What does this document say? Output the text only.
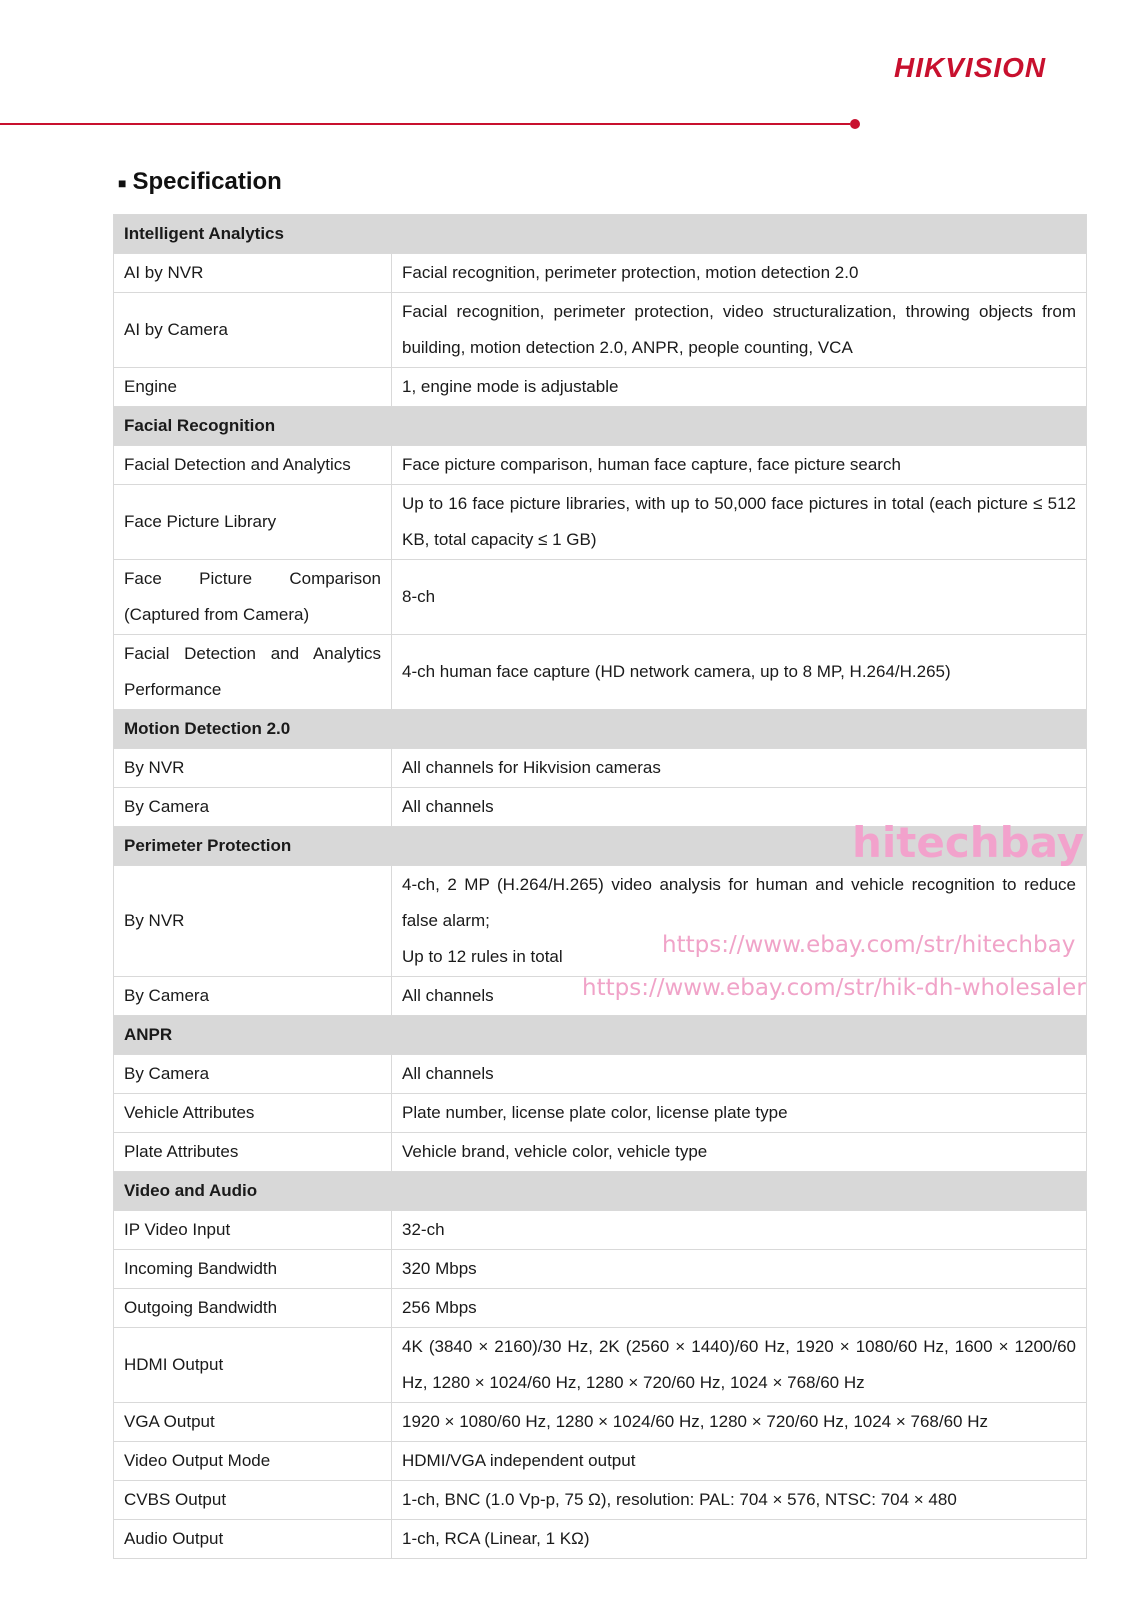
HIKVISION
■ Specification
Intelligent Analytics	
AI by NVR	Facial recognition, perimeter protection, motion detection 2.0
AI by Camera	Facial recognition, perimeter protection, video structuralization, throwing objects from building, motion detection 2.0, ANPR, people counting, VCA
Engine	1, engine mode is adjustable
Facial Recognition	
Facial Detection and Analytics	Face picture comparison, human face capture, face picture search
Face Picture Library	Up to 16 face picture libraries, with up to 50,000 face pictures in total (each picture ≤ 512 KB, total capacity ≤ 1 GB)
Face Picture Comparison (Captured from Camera)	8-ch
Facial Detection and Analytics Performance	4-ch human face capture (HD network camera, up to 8 MP, H.264/H.265)
Motion Detection 2.0	
By NVR	All channels for Hikvision cameras
By Camera	All channels
Perimeter Protection	
By NVR	4-ch, 2 MP (H.264/H.265) video analysis for human and vehicle recognition to reduce false alarm;
Up to 12 rules in total

By Camera	All channels
ANPR	
By Camera	All channels
Vehicle Attributes	Plate number, license plate color, license plate type
Plate Attributes	Vehicle brand, vehicle color, vehicle type
Video and Audio	
IP Video Input	32-ch
Incoming Bandwidth	320 Mbps
Outgoing Bandwidth	256 Mbps
HDMI Output	4K (3840 × 2160)/30 Hz, 2K (2560 × 1440)/60 Hz, 1920 × 1080/60 Hz, 1600 × 1200/60 Hz, 1280 × 1024/60 Hz, 1280 × 720/60 Hz, 1024 × 768/60 Hz
VGA Output	1920 × 1080/60 Hz, 1280 × 1024/60 Hz, 1280 × 720/60 Hz, 1024 × 768/60 Hz
Video Output Mode	HDMI/VGA independent output
CVBS Output	1-ch, BNC (1.0 Vp-p, 75 Ω), resolution: PAL: 704 × 576, NTSC: 704 × 480
Audio Output	1-ch, RCA (Linear, 1 KΩ)
hitechbay
https://www.ebay.com/str/hitechbay
https://www.ebay.com/str/hik-dh-wholesaler
